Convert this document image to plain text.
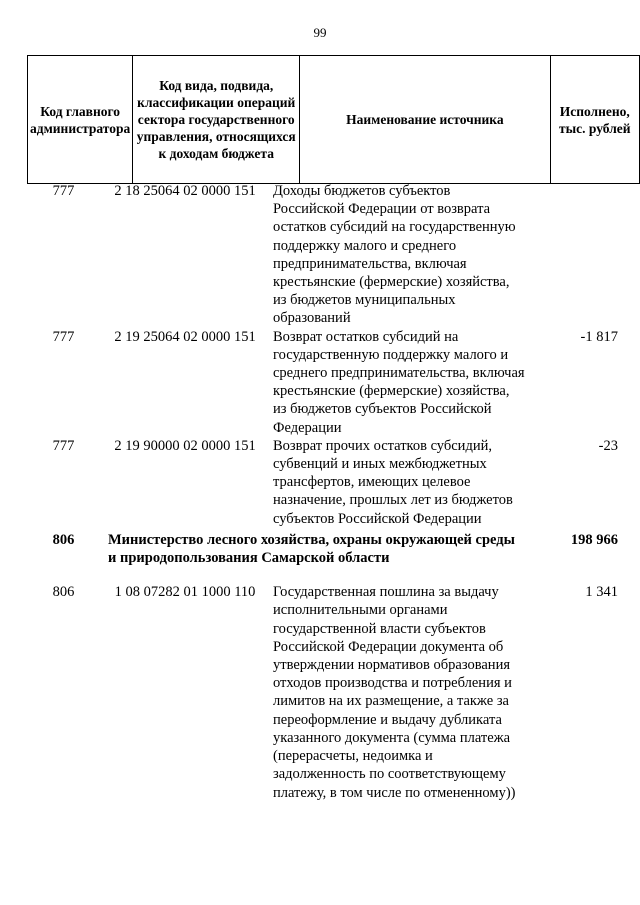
99
Код главного администратора	Код вида, подвида, классификации операций сектора государственного управления, относящихся к доходам бюджета	Наименование источника	Исполнено, тыс. рублей
777	2 18 25064 02 0000 151	Доходы бюджетов субъектов Российской Федерации от возврата остатков субсидий на государственную поддержку малого и среднего предпринимательства, включая крестьянские (фермерские) хозяйства, из бюджетов муниципальных образований	
777	2 19 25064 02 0000 151	Возврат остатков субсидий на государственную поддержку малого и среднего предпринимательства, включая крестьянские (фермерские) хозяйства, из бюджетов субъектов Российской Федерации	-1 817
777	2 19 90000 02 0000 151	Возврат прочих остатков субсидий, субвенций и иных межбюджетных трансфертов, имеющих целевое назначение, прошлых лет из бюджетов субъектов Российской Федерации	-23
806	Министерство лесного хозяйства, охраны окружающей среды и природопользования Самарской области		198 966
806	1 08 07282 01 1000 110	Государственная пошлина за выдачу исполнительными органами государственной власти субъектов Российской Федерации документа об утверждении нормативов образования отходов производства и потребления и лимитов на их размещение, а также за переоформление и выдачу дубликата указанного документа (сумма платежа (перерасчеты, недоимка и задолженность по соответствующему платежу, в том числе по отмененному))	1 341
